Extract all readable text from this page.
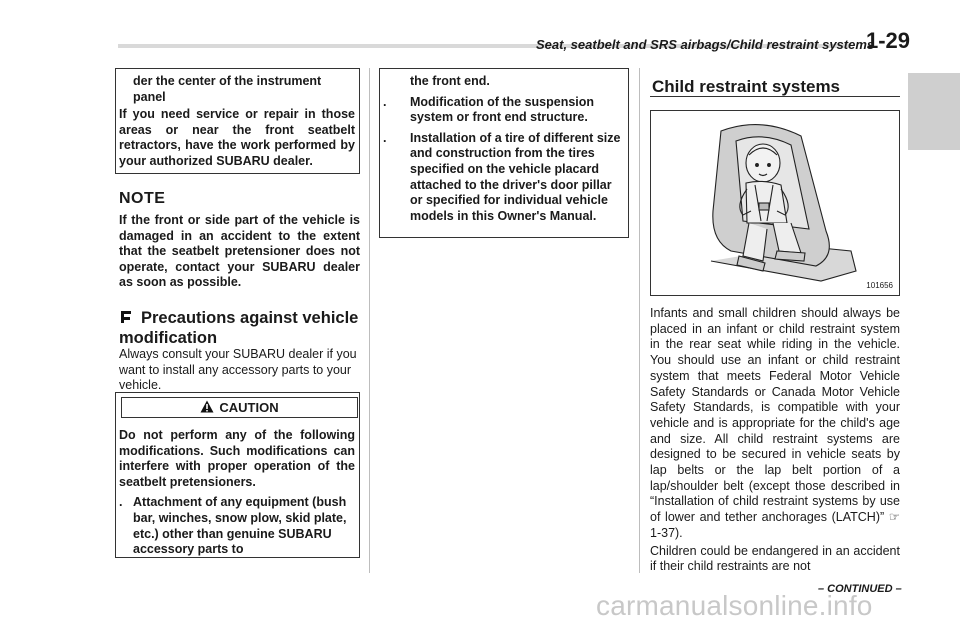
Seat, seatbelt and SRS airbags/Child restraint systems
1-29

der the center of the instrument panel

If you need service or repair in those areas or near the front seatbelt retractors, have the work performed by your authorized SUBARU dealer.

NOTE
If the front or side part of the vehicle is damaged in an accident to the extent that the seatbelt pretensioner does not operate, contact your SUBARU dealer as soon as possible.
Precautions against vehicle modification
Always consult your SUBARU dealer if you want to install any accessory parts to your vehicle.
CAUTION

Do not perform any of the following modifications. Such modifications can interfere with proper operation of the seatbelt pretensioners.

. Attachment of any equipment (bush bar, winches, snow plow, skid plate, etc.) other than genuine SUBARU accessory parts to

the front end.

.	Modification of the suspension system or front end structure.
.	Installation of a tire of different size and construction from the tires specified on the vehicle placard attached to the driver's door pillar or specified for individual vehicle models in this Owner's Manual.
Child restraint systems
101656

Infants and small children should always be placed in an infant or child restraint system in the rear seat while riding in the vehicle. You should use an infant or child restraint system that meets Federal Motor Vehicle Safety Standards or Canada Motor Vehicle Safety Standards, is compatible with your vehicle and is appropriate for the child's age and size. All child restraint systems are designed to be secured in vehicle seats by lap belts or the lap belt portion of a lap/shoulder belt (except those described in “Installation of child restraint systems by use of lower and tether anchorages (LATCH)” ☞1-37).

Children could be endangered in an accident if their child restraints are not

– CONTINUED –
carmanualsonline.info
